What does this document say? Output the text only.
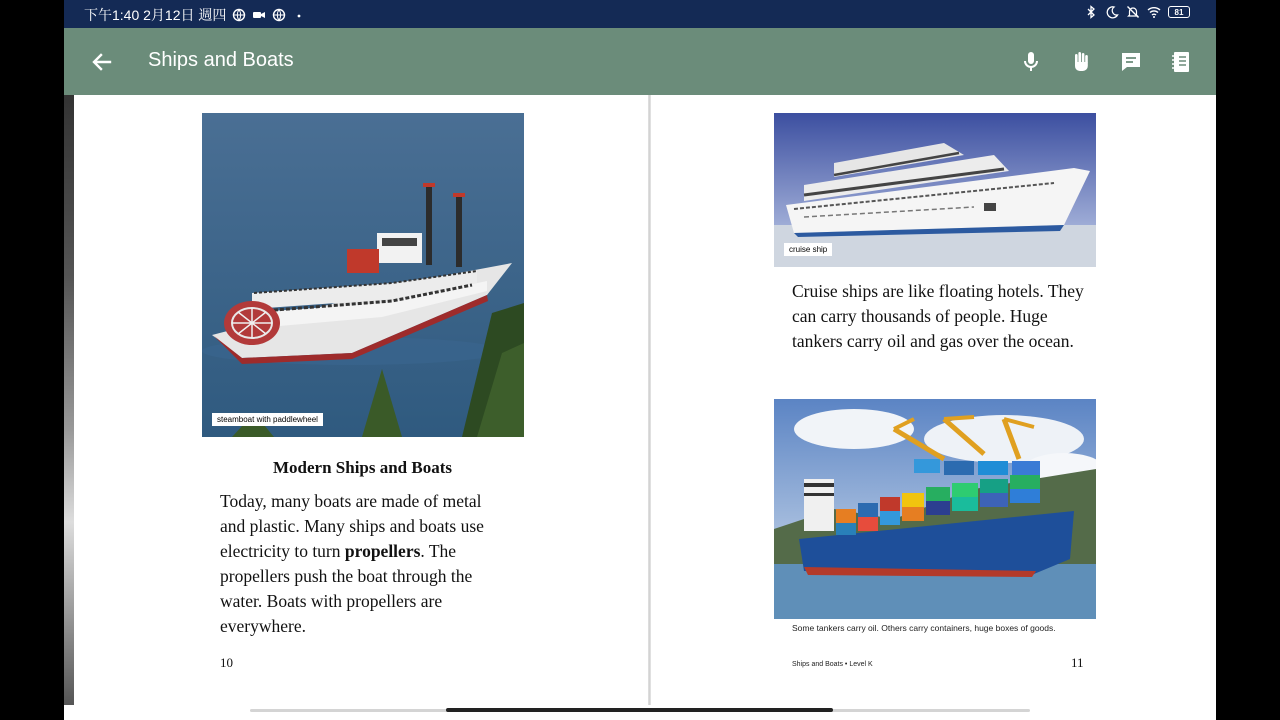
下午1:40 2月12日 週四	81
Ships and Boats
steamboat with paddlewheel
Modern Ships and Boats
Today, many boats are made of metal and plastic. Many ships and boats use electricity to turn propellers. The propellers push the boat through the water. Boats with propellers are everywhere.
10
cruise ship
Cruise ships are like floating hotels. They can carry thousands of people. Huge tankers carry oil and gas over the ocean.
Some tankers carry oil. Others carry containers, huge boxes of goods.
Ships and Boats • Level K	11
